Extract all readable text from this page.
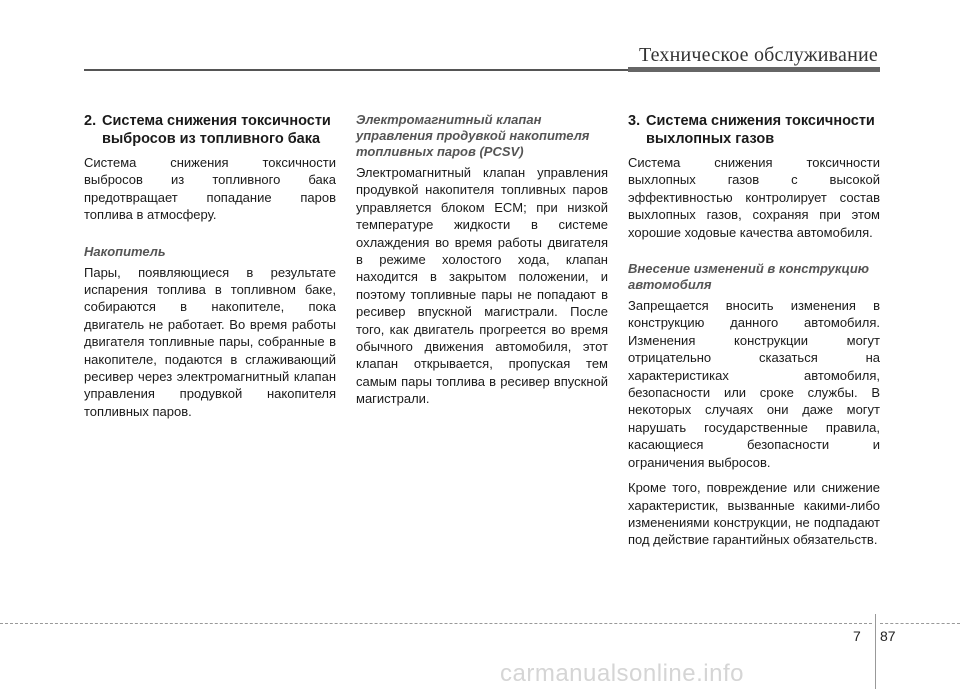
Техническое обслуживание
2. Система снижения токсичности выбросов из топливного бака

Система снижения токсичности выбросов из топливного бака предотвращает попадание паров топлива в атмосферу.

Накопитель

Пары, появляющиеся в результате испарения топлива в топливном баке, собираются в накопителе, пока двигатель не работает. Во время работы двигателя топливные пары, собранные в накопителе, подаются в сглаживающий ресивер через электромагнитный клапан управления продувкой накопителя топливных паров.

Электромагнитный клапан управления продувкой накопителя топливных паров (PCSV)

Электромагнитный клапан управления продувкой накопителя топливных паров управляется блоком ECM; при низкой температуре жидкости в системе охлаждения во время работы двигателя в режиме холостого хода, клапан находится в закрытом положении, и поэтому топливные пары не попадают в ресивер впускной магистрали. После того, как двигатель прогреется во время обычного движения автомобиля, этот клапан открывается, пропуская тем самым пары топлива в ресивер впускной магистрали.

3. Система снижения токсичности выхлопных газов

Система снижения токсичности выхлопных газов с высокой эффективностью контролирует состав выхлопных газов, сохраняя при этом хорошие ходовые качества автомобиля.

Внесение изменений в конструкцию автомобиля

Запрещается вносить изменения в конструкцию данного автомобиля. Изменения конструкции могут отрицательно сказаться на характеристиках автомобиля, безопасности или сроке службы. В некоторых случаях они даже могут нарушать государственные правила, касающиеся безопасности и ограничения выбросов.

Кроме того, повреждение или снижение характеристик, вызванные какими-либо изменениями конструкции, не подпадают под действие гарантийных обязательств.

7 87
carmanualsonline.info
